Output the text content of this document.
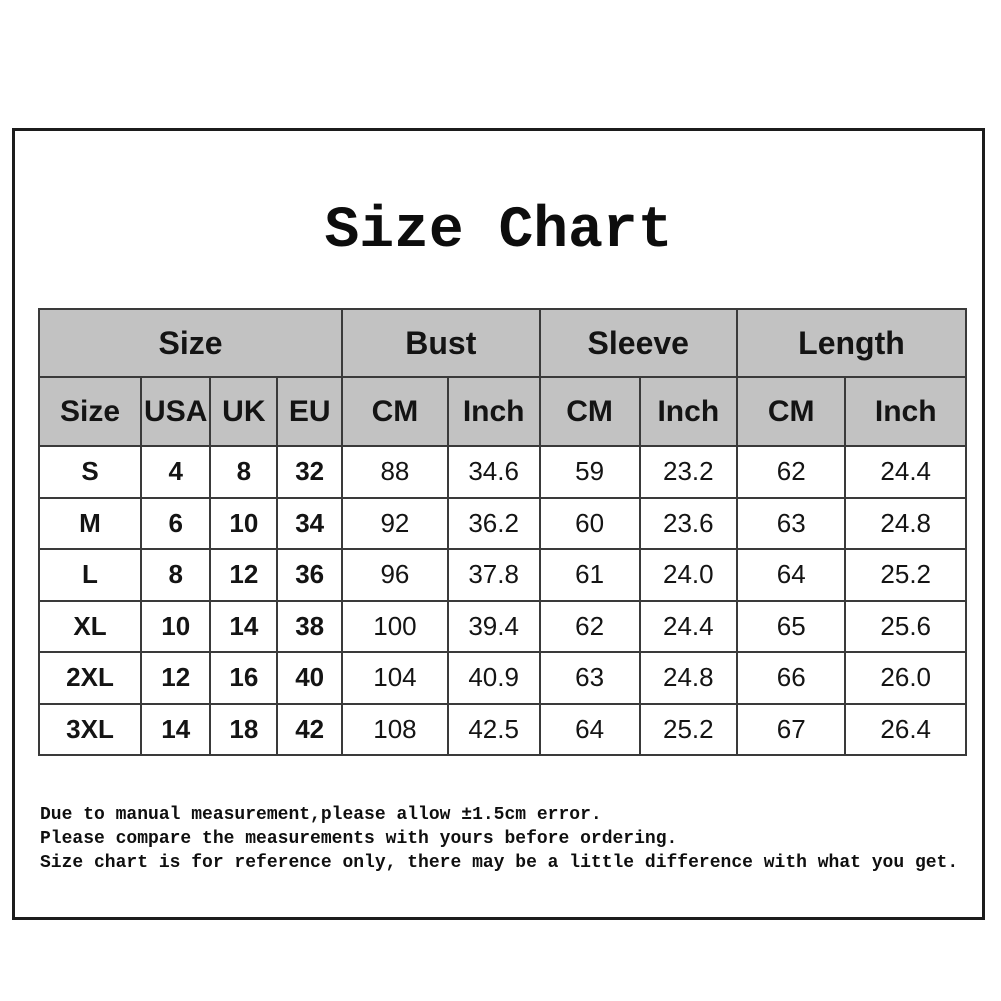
Size Chart
Size				Bust		Sleeve		Length	
Size	USA	UK	EU	CM	Inch	CM	Inch	CM	Inch
S	4	8	32	88	34.6	59	23.2	62	24.4
M	6	10	34	92	36.2	60	23.6	63	24.8
L	8	12	36	96	37.8	61	24.0	64	25.2
XL	10	14	38	100	39.4	62	24.4	65	25.6
2XL	12	16	40	104	40.9	63	24.8	66	26.0
3XL	14	18	42	108	42.5	64	25.2	67	26.4

Due to manual measurement,please allow ±1.5cm error.

Please compare the measurements with yours before ordering.

Size chart is for reference only, there may be a little difference with what you get.
